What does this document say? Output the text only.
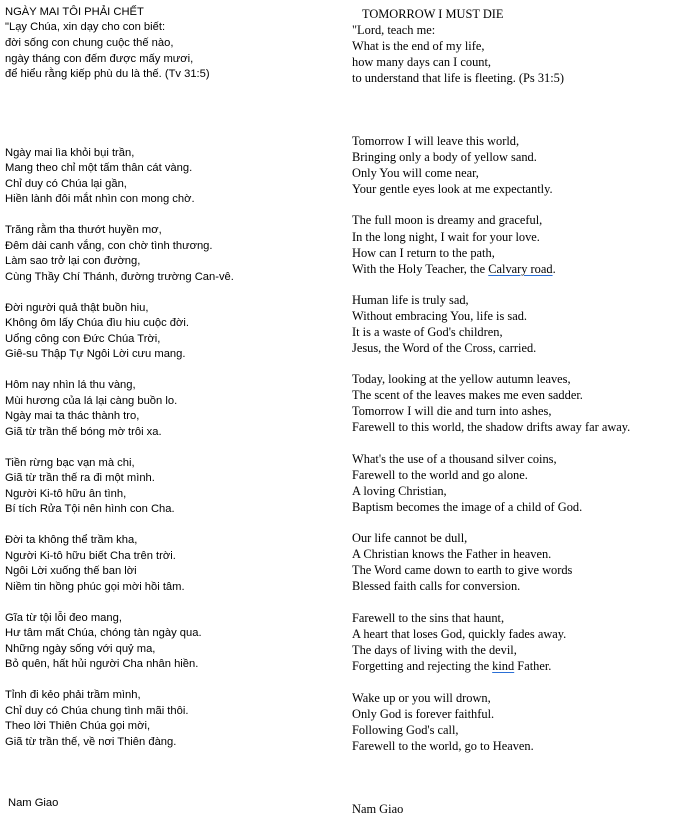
NGÀY MAI TÔI PHẢI CHẾT
"Lạy Chúa, xin dạy cho con biết:
đời sống con chung cuộc thế nào,
ngày tháng con đếm được mấy mươi,
để hiểu rằng kiếp phù du là thế. (Tv 31:5)
Ngày mai lìa khỏi bụi trần,
Mang theo chỉ một tấm thân cát vàng.
Chỉ duy có Chúa lại gần,
Hiền lành đôi mắt nhìn con mong chờ.
Trăng rằm tha thướt huyền mơ,
Đêm dài canh vắng, con chờ tình thương.
Làm sao trở lại con đường,
Cùng Thầy Chí Thánh, đường trường Can-vê.
Đời người quả thật buồn hiu,
Không ôm lấy Chúa đìu hiu cuộc đời.
Uổng công con Đức Chúa Trời,
Giê-su Thập Tự Ngôi Lời cưu mang.
Hôm nay nhìn lá thu vàng,
Mùi hương của lá lại càng buồn lo.
Ngày mai ta thác thành tro,
Giã từ trần thế bóng mờ trôi xa.
Tiền rừng bạc vạn mà chi,
Giã từ trần thế ra đi một mình.
Người Ki-tô hữu ân tình,
Bí tích Rửa Tội nên hình con Cha.
Đời ta không thể trầm kha,
Người Ki-tô hữu biết Cha trên trời.
Ngôi Lời xuống thế ban lời
Niềm tin hồng phúc gọi mời hồi tâm.
Gĩa từ tội lỗi đeo mang,
Hư tâm mất Chúa, chóng tàn ngày qua.
Những ngày sống với quỷ ma,
Bỏ quên, hất hủi người Cha nhân hiền.
Tỉnh đi kẻo phải trầm mình,
Chỉ duy có Chúa chung tình mãi thôi.
Theo lời Thiên Chúa gọi mời,
Giã từ trần thế, về nơi Thiên đàng.
Nam Giao
TOMORROW I MUST DIE
"Lord, teach me:
What is the end of my life,
how many days can I count,
to understand that life is fleeting. (Ps 31:5)
Tomorrow I will leave this world,
Bringing only a body of yellow sand.
Only You will come near,
Your gentle eyes look at me expectantly.
The full moon is dreamy and graceful,
In the long night, I wait for your love.
How can I return to the path,
With the Holy Teacher, the Calvary road.
Human life is truly sad,
Without embracing You, life is sad.
It is a waste of God's children,
Jesus, the Word of the Cross, carried.
Today, looking at the yellow autumn leaves,
The scent of the leaves makes me even sadder.
Tomorrow I will die and turn into ashes,
Farewell to this world, the shadow drifts away far away.
What's the use of a thousand silver coins,
Farewell to the world and go alone.
A loving Christian,
Baptism becomes the image of a child of God.
Our life cannot be dull,
A Christian knows the Father in heaven.
The Word came down to earth to give words
Blessed faith calls for conversion.
Farewell to the sins that haunt,
A heart that loses God, quickly fades away.
The days of living with the devil,
Forgetting and rejecting the kind Father.
Wake up or you will drown,
Only God is forever faithful.
Following God's call,
Farewell to the world, go to Heaven.
Nam Giao
